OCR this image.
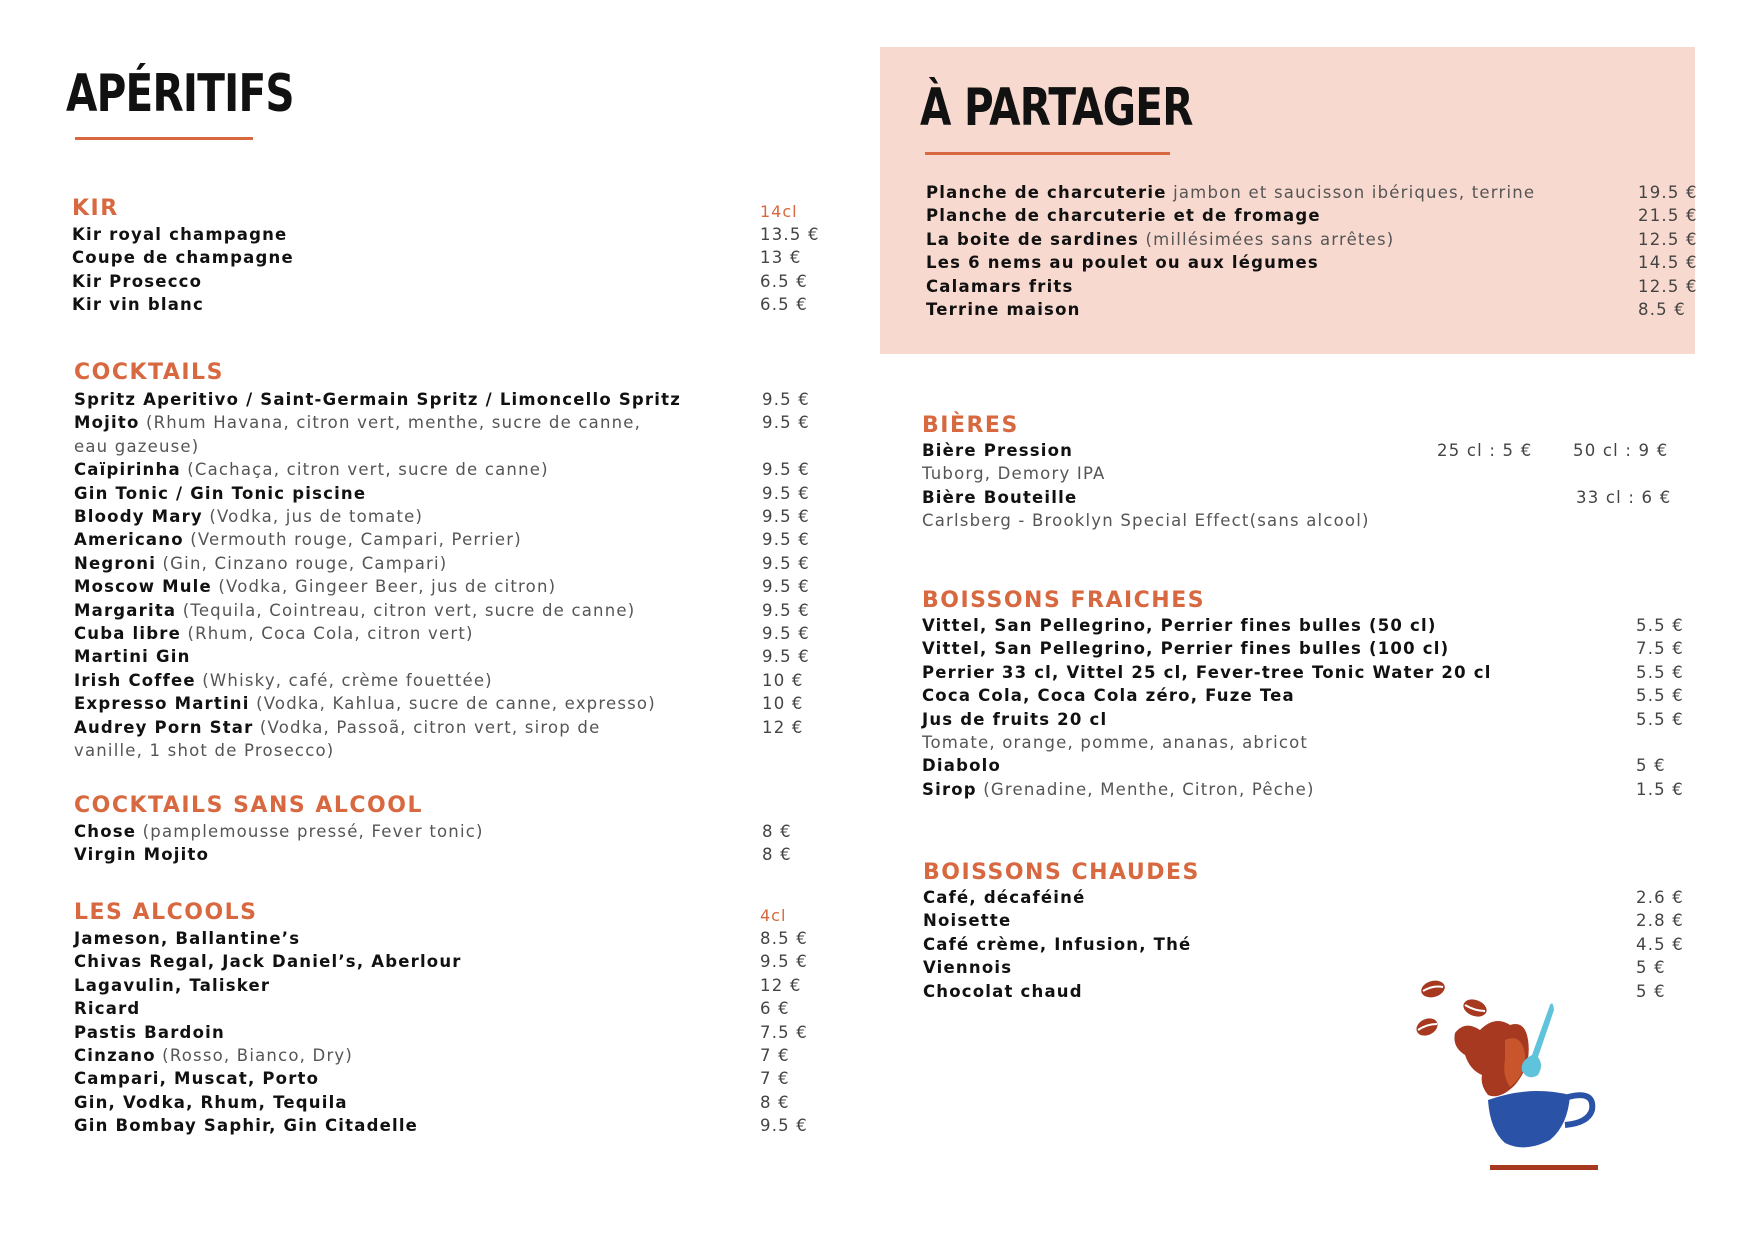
APÉRITIFS
KIR	14cl
Kir royal champagne	13.5 €
Coupe de champagne	13 €
Kir Prosecco	6.5 €
Kir vin blanc	6.5 €
COCKTAILS
Spritz Aperitivo / Saint-Germain Spritz / Limoncello Spritz	9.5 €
Mojito (Rhum Havana, citron vert, menthe, sucre de canne,	9.5 €
eau gazeuse)
Caïpirinha (Cachaça, citron vert, sucre de canne)	9.5 €
Gin Tonic / Gin Tonic piscine	9.5 €
Bloody Mary (Vodka, jus de tomate)	9.5 €
Americano (Vermouth rouge, Campari, Perrier)	9.5 €
Negroni (Gin, Cinzano rouge, Campari)	9.5 €
Moscow Mule (Vodka, Gingeer Beer, jus de citron)	9.5 €
Margarita (Tequila, Cointreau, citron vert, sucre de canne)	9.5 €
Cuba libre (Rhum, Coca Cola, citron vert)	9.5 €
Martini Gin	9.5 €
Irish Coffee (Whisky, café, crème fouettée)	10 €
Expresso Martini (Vodka, Kahlua, sucre de canne, expresso)	10 €
Audrey Porn Star (Vodka, Passoã, citron vert, sirop de	12 €
vanille, 1 shot de Prosecco)
COCKTAILS SANS ALCOOL
Chose (pamplemousse pressé, Fever tonic)	8 €
Virgin Mojito	8 €
LES ALCOOLS	4cl
Jameson, Ballantine’s	8.5 €
Chivas Regal, Jack Daniel’s, Aberlour	9.5 €
Lagavulin, Talisker	12 €
Ricard	6 €
Pastis Bardoin	7.5 €
Cinzano (Rosso, Bianco, Dry)	7 €
Campari, Muscat, Porto	7 €
Gin, Vodka, Rhum, Tequila	8 €
Gin Bombay Saphir, Gin Citadelle	9.5 €
À PARTAGER
Planche de charcuterie jambon et saucisson ibériques, terrine	19.5 €
Planche de charcuterie et de fromage	21.5 €
La boite de sardines (millésimées sans arrêtes)	12.5 €
Les 6 nems au poulet ou aux légumes	14.5 €
Calamars frits	12.5 €
Terrine maison	8.5 €
BIÈRES
Bière Pression	25 cl : 5 € 50 cl : 9 €
Tuborg, Demory IPA
Bière Bouteille	33 cl : 6 €
Carlsberg - Brooklyn Special Effect(sans alcool)
BOISSONS FRAICHES
Vittel, San Pellegrino, Perrier fines bulles (50 cl)	5.5 €
Vittel, San Pellegrino, Perrier fines bulles (100 cl)	7.5 €
Perrier 33 cl, Vittel 25 cl, Fever-tree Tonic Water 20 cl	5.5 €
Coca Cola, Coca Cola zéro, Fuze Tea	5.5 €
Jus de fruits 20 cl	5.5 €
Tomate, orange, pomme, ananas, abricot
Diabolo	5 €
Sirop (Grenadine, Menthe, Citron, Pêche)	1.5 €
BOISSONS CHAUDES
Café, décaféiné	2.6 €
Noisette	2.8 €
Café crème, Infusion, Thé	4.5 €
Viennois	5 €
Chocolat chaud	5 €
